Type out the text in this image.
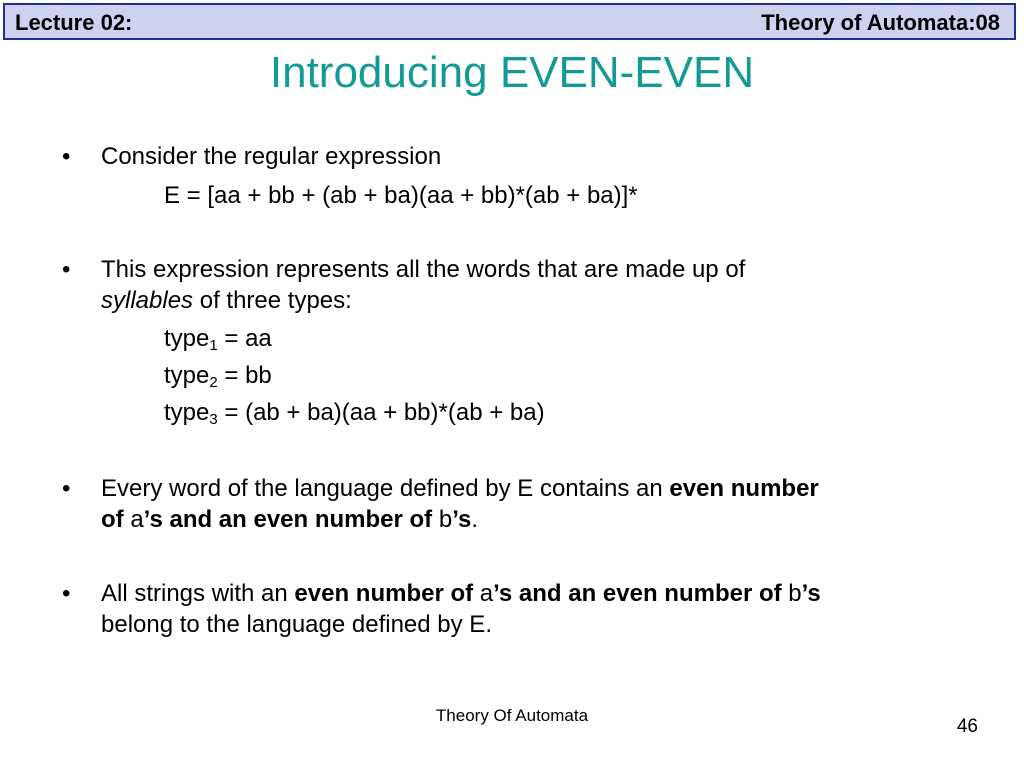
Lecture 02:	Theory of Automata:08
Introducing EVEN-EVEN
• Consider the regular expression
E = [aa + bb + (ab + ba)(aa + bb)*(ab + ba)]*
• This expression represents all the words that are made up of
syllables of three types:
type$_1$ = aa
type$_2$ = bb
type$_3$ = (ab + ba)(aa + bb)*(ab + ba)
• Every word of the language defined by E contains an even number
of a’s and an even number of b’s.
• All strings with an even number of a’s and an even number of b’s
belong to the language defined by E.
Theory Of Automata
46
